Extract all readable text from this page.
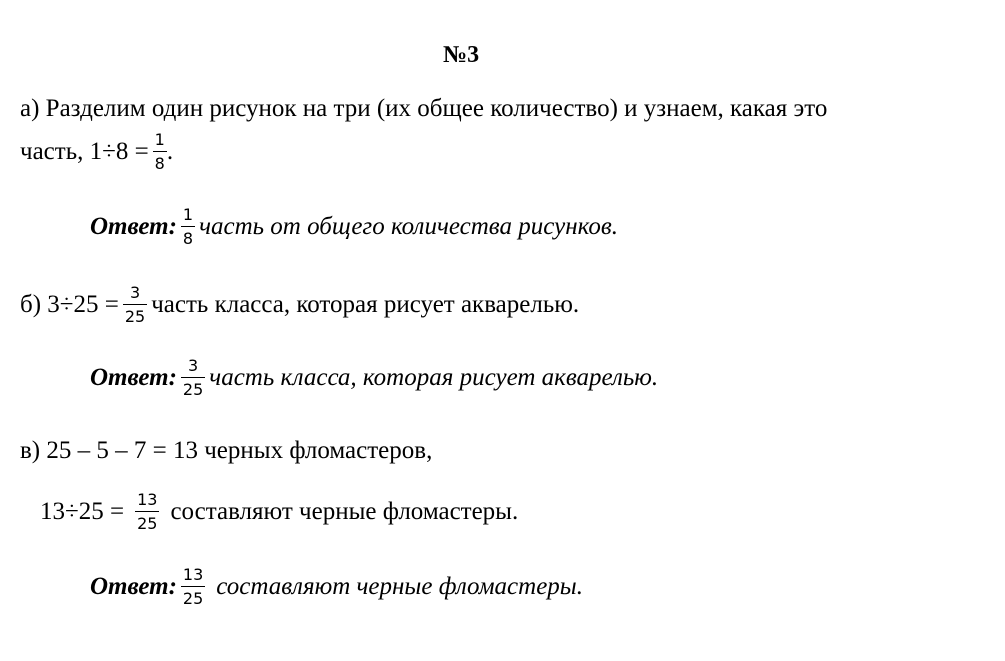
№3
а) Разделим один рисунок на три (их общее количество) и узнаем, какая это
часть, $1\div 8 = \frac{1}{8}$ .
Ответ: $\frac{1}{8}$ часть от общего количества рисунков.
б) $3\div 25 = \frac{3}{25}$ часть класса, которая рисует акварелью.
Ответ: $\frac{3}{25}$ часть класса, которая рисует акварелью.
в) 25 – 5 – 7 = 13 черных фломастеров,
$13\div 25 = \frac{13}{25}$ составляют черные фломастеры.
Ответ: $\frac{13}{25}$ составляют черные фломастеры.
